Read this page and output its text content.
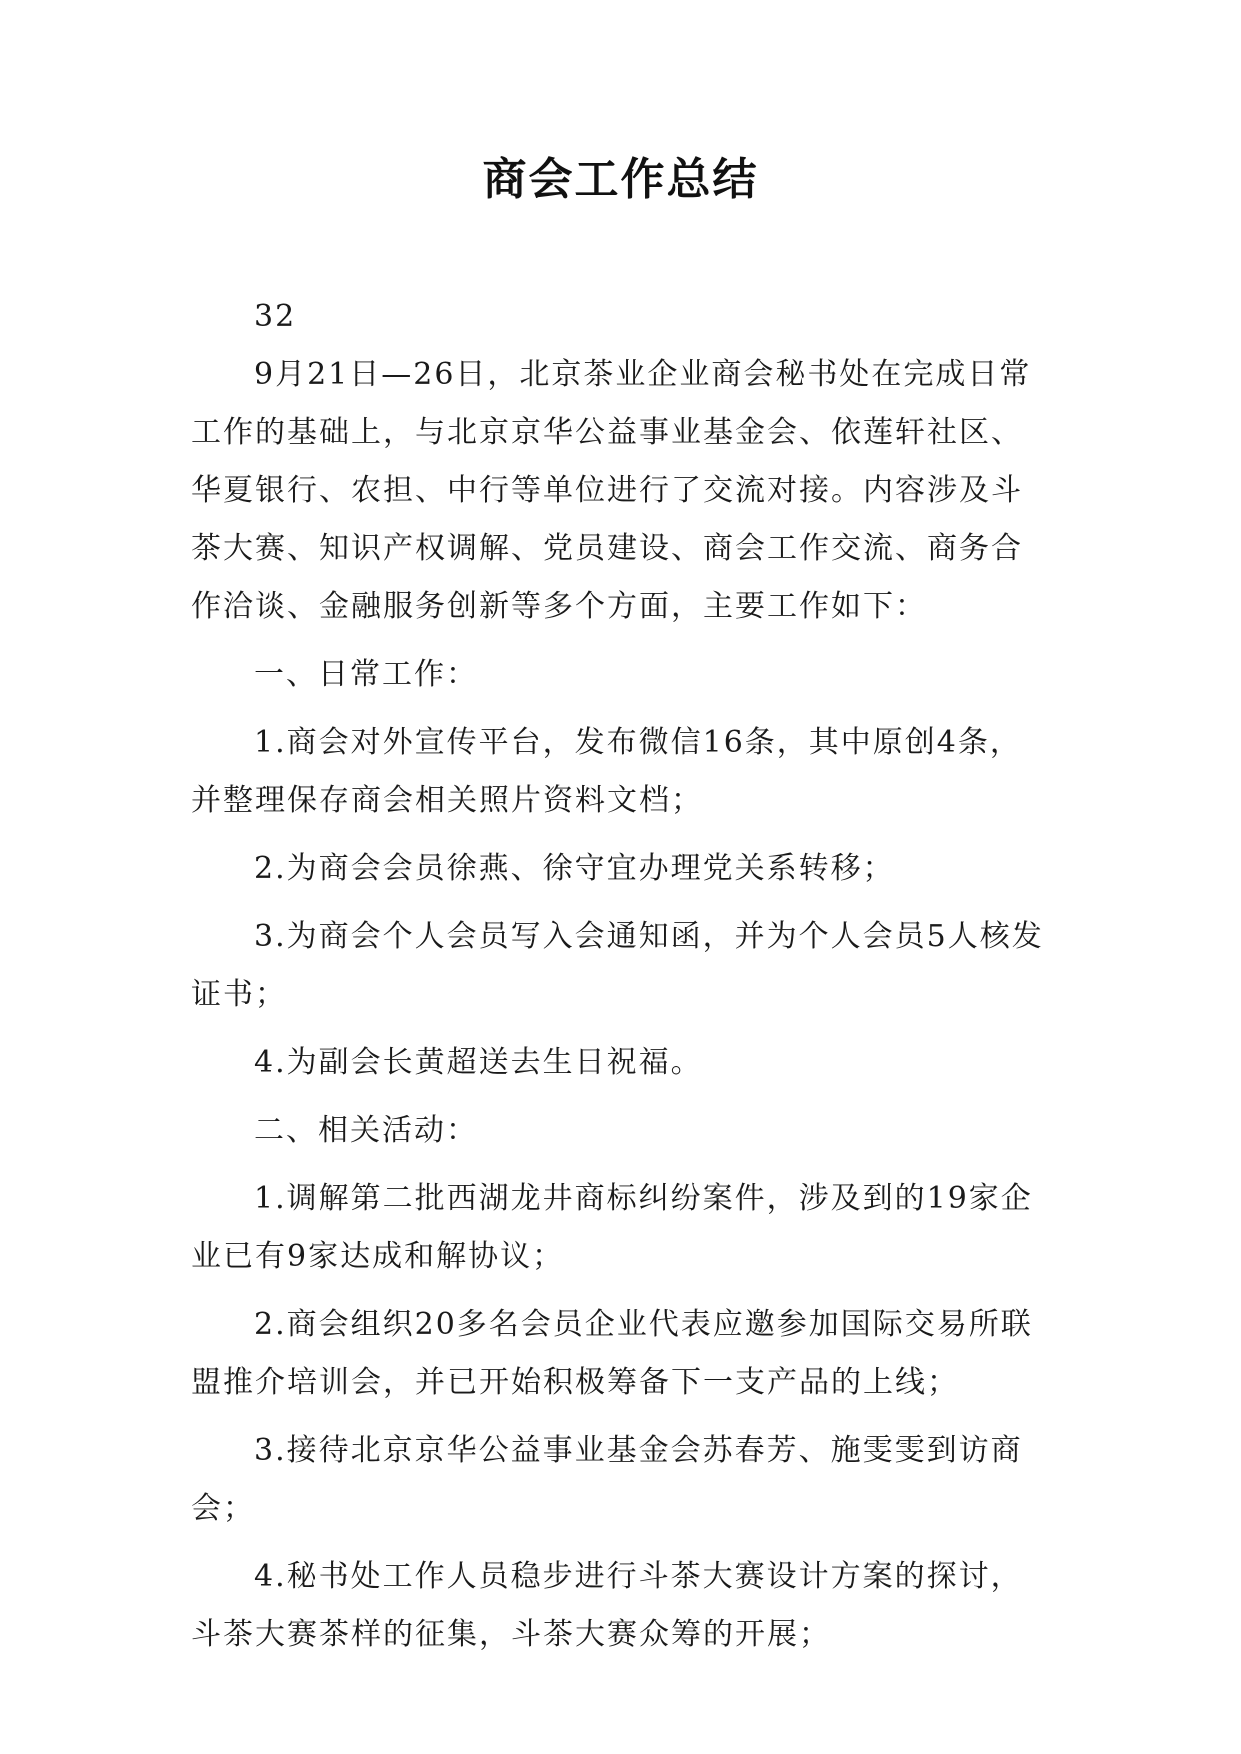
商会工作总结

32

9月21日—26日，北京茶业企业商会秘书处在完成日常工作的基础上，与北京京华公益事业基金会、依莲轩社区、华夏银行、农担、中行等单位进行了交流对接。内容涉及斗茶大赛、知识产权调解、党员建设、商会工作交流、商务合作洽谈、金融服务创新等多个方面，主要工作如下：

一、日常工作：

1.商会对外宣传平台，发布微信16条，其中原创4条，并整理保存商会相关照片资料文档；

2.为商会会员徐燕、徐守宜办理党关系转移；

3.为商会个人会员写入会通知函，并为个人会员5人核发证书；

4.为副会长黄超送去生日祝福。

二、相关活动：

1.调解第二批西湖龙井商标纠纷案件，涉及到的19家企业已有9家达成和解协议；

2.商会组织20多名会员企业代表应邀参加国际交易所联盟推介培训会，并已开始积极筹备下一支产品的上线；

3.接待北京京华公益事业基金会苏春芳、施雯雯到访商会；

4.秘书处工作人员稳步进行斗茶大赛设计方案的探讨，斗茶大赛茶样的征集，斗茶大赛众筹的开展；
